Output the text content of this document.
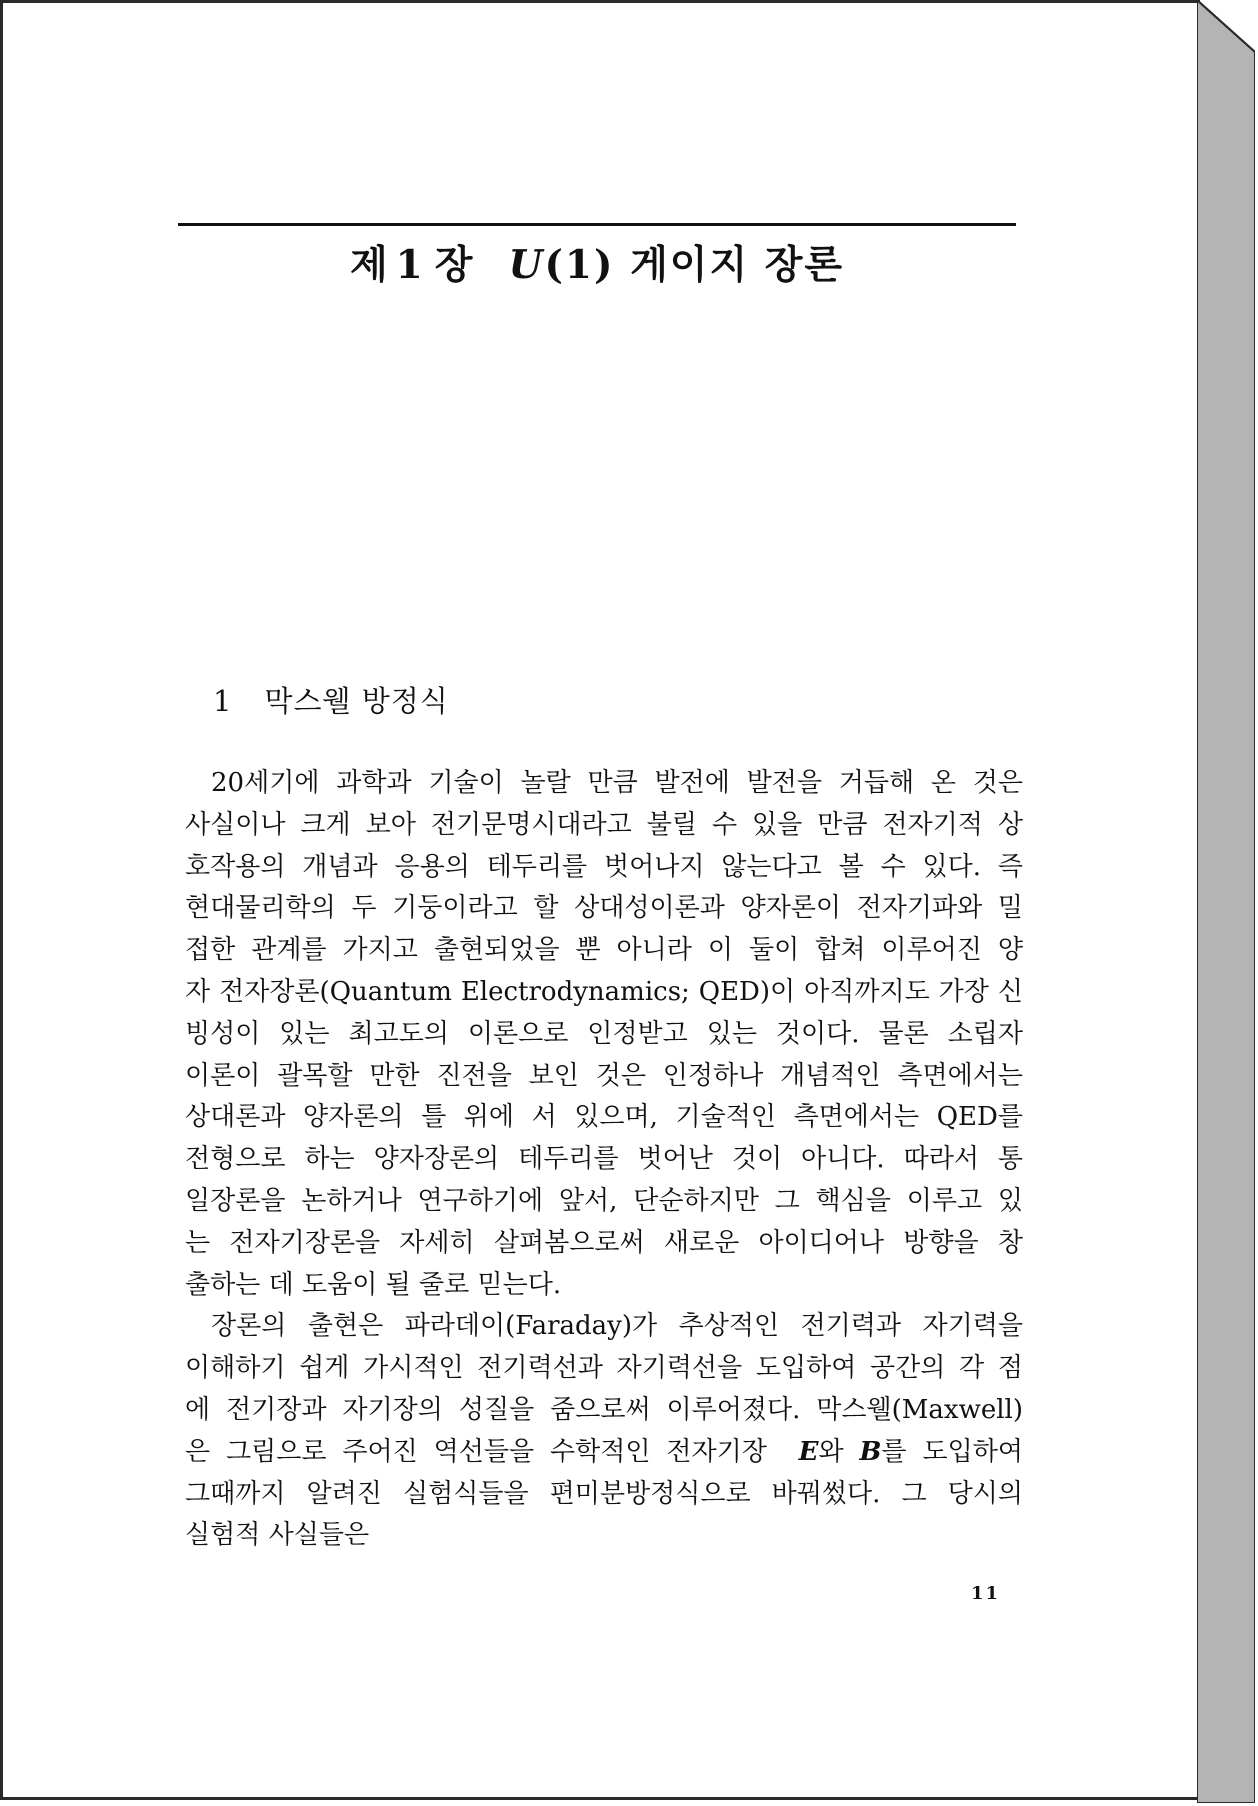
제 1 장 U(1) 게이지 장론
1 막스웰 방정식
20세기에 과학과 기술이 놀랄 만큼 발전에 발전을 거듭해 온 것은
사실이나 크게 보아 전기문명시대라고 불릴 수 있을 만큼 전자기적 상
호작용의 개념과 응용의 테두리를 벗어나지 않는다고 볼 수 있다. 즉
현대물리학의 두 기둥이라고 할 상대성이론과 양자론이 전자기파와 밀
접한 관계를 가지고 출현되었을 뿐 아니라 이 둘이 합쳐 이루어진 양
자 전자장론(Quantum Electrodynamics; QED)이 아직까지도 가장 신
빙성이 있는 최고도의 이론으로 인정받고 있는 것이다. 물론 소립자
이론이 괄목할 만한 진전을 보인 것은 인정하나 개념적인 측면에서는
상대론과 양자론의 틀 위에 서 있으며, 기술적인 측면에서는 QED를
전형으로 하는 양자장론의 테두리를 벗어난 것이 아니다. 따라서 통
일장론을 논하거나 연구하기에 앞서, 단순하지만 그 핵심을 이루고 있
는 전자기장론을 자세히 살펴봄으로써 새로운 아이디어나 방향을 창
출하는 데 도움이 될 줄로 믿는다.
장론의 출현은 파라데이(Faraday)가 추상적인 전기력과 자기력을
이해하기 쉽게 가시적인 전기력선과 자기력선을 도입하여 공간의 각 점
에 전기장과 자기장의 성질을 줌으로써 이루어졌다. 막스웰(Maxwell)
은 그림으로 주어진 역선들을 수학적인 전자기장 E와 B를 도입하여
그때까지 알려진 실험식들을 편미분방정식으로 바꿔썼다. 그 당시의
실험적 사실들은
11
